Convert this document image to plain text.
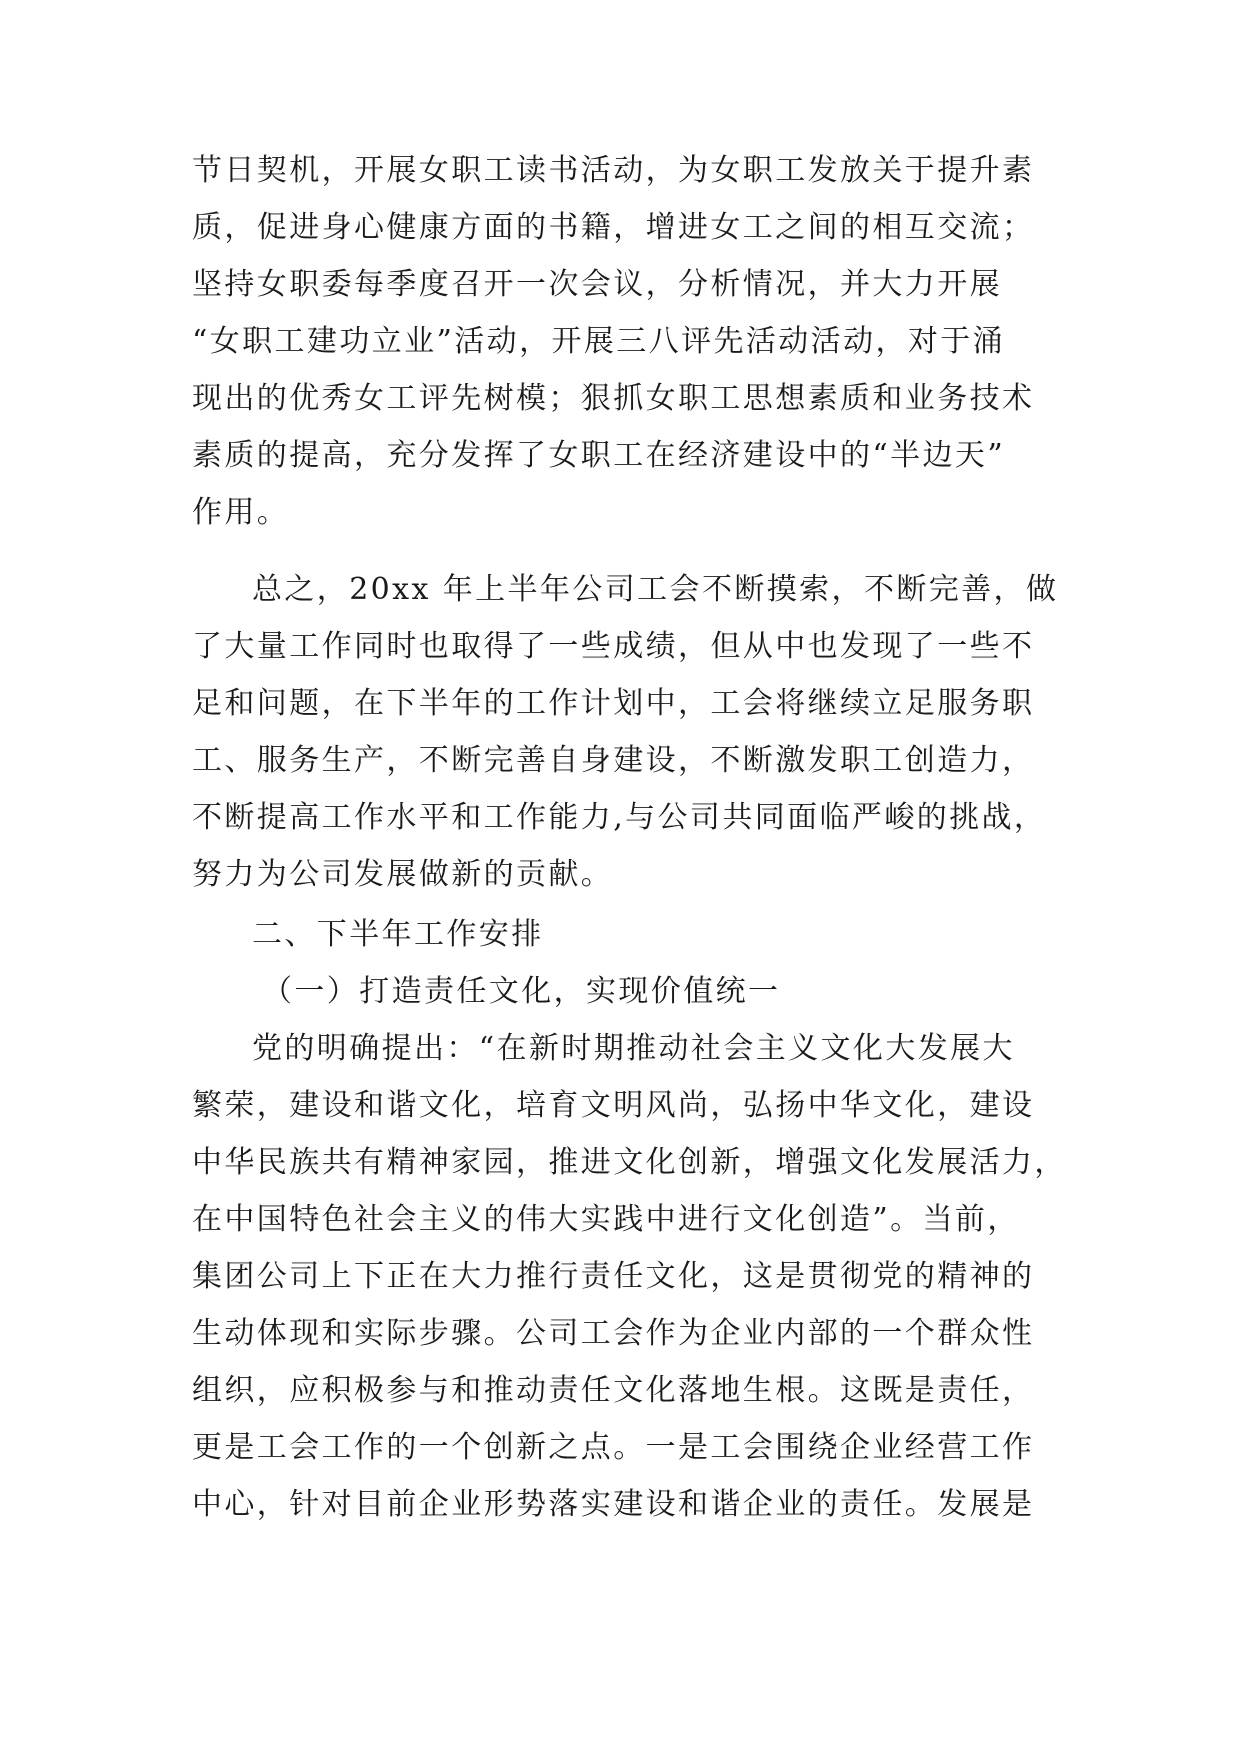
节日契机，开展女职工读书活动，为女职工发放关于提升素
质，促进身心健康方面的书籍，增进女工之间的相互交流；
坚持女职委每季度召开一次会议，分析情况，并大力开展
“女职工建功立业”活动，开展三八评先活动活动，对于涌
现出的优秀女工评先树模；狠抓女职工思想素质和业务技术
素质的提高，充分发挥了女职工在经济建设中的“半边天”
作用。
总之，20xx 年上半年公司工会不断摸索，不断完善，做
了大量工作同时也取得了一些成绩，但从中也发现了一些不
足和问题，在下半年的工作计划中，工会将继续立足服务职
工、服务生产，不断完善自身建设，不断激发职工创造力，
不断提高工作水平和工作能力,与公司共同面临严峻的挑战，
努力为公司发展做新的贡献。
二、下半年工作安排
（一）打造责任文化，实现价值统一
党的明确提出：“在新时期推动社会主义文化大发展大
繁荣，建设和谐文化，培育文明风尚，弘扬中华文化，建设
中华民族共有精神家园，推进文化创新，增强文化发展活力，
在中国特色社会主义的伟大实践中进行文化创造”。当前，
集团公司上下正在大力推行责任文化，这是贯彻党的精神的
生动体现和实际步骤。公司工会作为企业内部的一个群众性
组织，应积极参与和推动责任文化落地生根。这既是责任，
更是工会工作的一个创新之点。一是工会围绕企业经营工作
中心，针对目前企业形势落实建设和谐企业的责任。发展是
